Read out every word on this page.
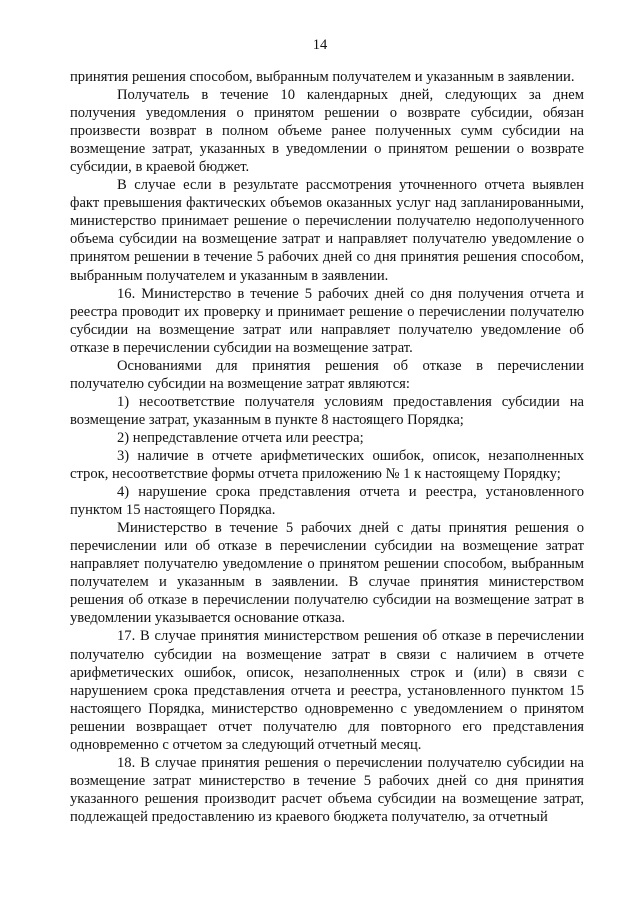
14

принятия решения способом, выбранным получателем и указанным в заявлении.

Получатель в течение 10 календарных дней, следующих за днем получения уведомления о принятом решении о возврате субсидии, обязан произвести возврат в полном объеме ранее полученных сумм субсидии на возмещение затрат, указанных в уведомлении о принятом решении о возврате субсидии, в краевой бюджет.

В случае если в результате рассмотрения уточненного отчета выявлен факт превышения фактических объемов оказанных услуг над запланированными, министерство принимает решение о перечислении получателю недополученного объема субсидии на возмещение затрат и направляет получателю уведомление о принятом решении в течение 5 рабочих дней со дня принятия решения способом, выбранным получателем и указанным в заявлении.

16. Министерство в течение 5 рабочих дней со дня получения отчета и реестра проводит их проверку и принимает решение о перечислении получателю субсидии на возмещение затрат или направляет получателю уведомление об отказе в перечислении субсидии на возмещение затрат.

Основаниями для принятия решения об отказе в перечислении получателю субсидии на возмещение затрат являются:

1) несоответствие получателя условиям предоставления субсидии на возмещение затрат, указанным в пункте 8 настоящего Порядка;

2) непредставление отчета или реестра;

3) наличие в отчете арифметических ошибок, описок, незаполненных строк, несоответствие формы отчета приложению № 1 к настоящему Порядку;

4) нарушение срока представления отчета и реестра, установленного пунктом 15 настоящего Порядка.

Министерство в течение 5 рабочих дней с даты принятия решения о перечислении или об отказе в перечислении субсидии на возмещение затрат направляет получателю уведомление о принятом решении способом, выбранным получателем и указанным в заявлении. В случае принятия министерством решения об отказе в перечислении получателю субсидии на возмещение затрат в уведомлении указывается основание отказа.

17. В случае принятия министерством решения об отказе в перечислении получателю субсидии на возмещение затрат в связи с наличием в отчете арифметических ошибок, описок, незаполненных строк и (или) в связи с нарушением срока представления отчета и реестра, установленного пунктом 15 настоящего Порядка, министерство одновременно с уведомлением о принятом решении возвращает отчет получателю для повторного его представления одновременно с отчетом за следующий отчетный месяц.

18. В случае принятия решения о перечислении получателю субсидии на возмещение затрат министерство в течение 5 рабочих дней со дня принятия указанного решения производит расчет объема субсидии на возмещение затрат, подлежащей предоставлению из краевого бюджета получателю, за отчетный
